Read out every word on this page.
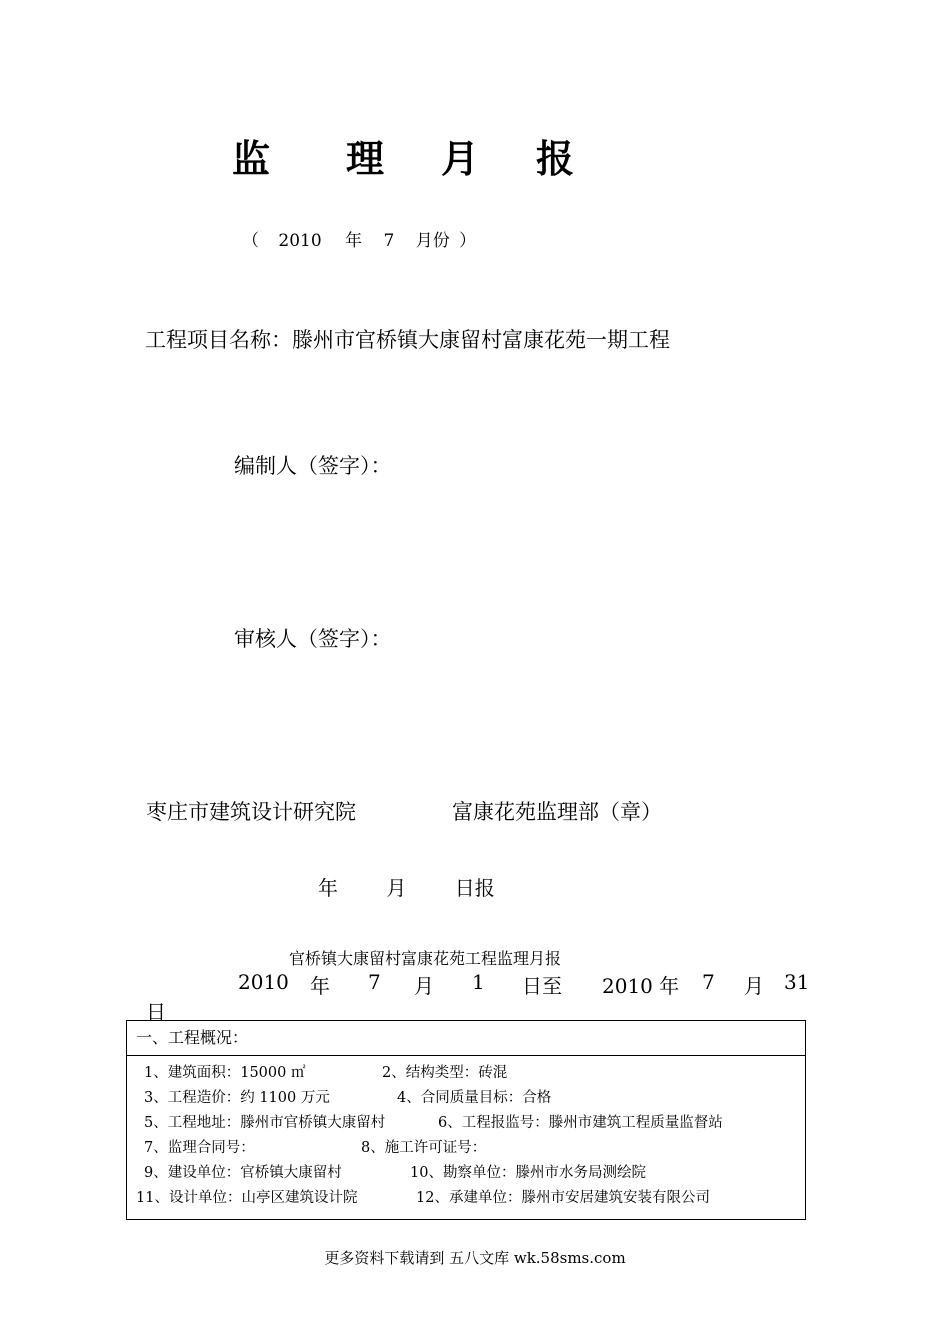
监 理 月 报
（ 2010 年 7 月份 ）
工程项目名称：滕州市官桥镇大康留村富康花苑一期工程
编制人（签字）：
审核人（签字）：
枣庄市建筑设计研究院	富康花苑监理部（章）
年 月 日报
官桥镇大康留村富康花苑工程监理月报
2010 年 7 月 1 日至 2010 年 7 月 31
日
一、工程概况：
1、建筑面积：15000 ㎡	2、结构类型：砖混
3、工程造价：约 1100 万元	4、合同质量目标：合格
5、工程地址：滕州市官桥镇大康留村	6、工程报监号：滕州市建筑工程质量监督站
7、监理合同号：	8、施工许可证号：
9、建设单位：官桥镇大康留村	10、勘察单位：滕州市水务局测绘院
11、设计单位：山亭区建筑设计院	12、承建单位：滕州市安居建筑安装有限公司
更多资料下载请到 五八文库 wk.58sms.com
